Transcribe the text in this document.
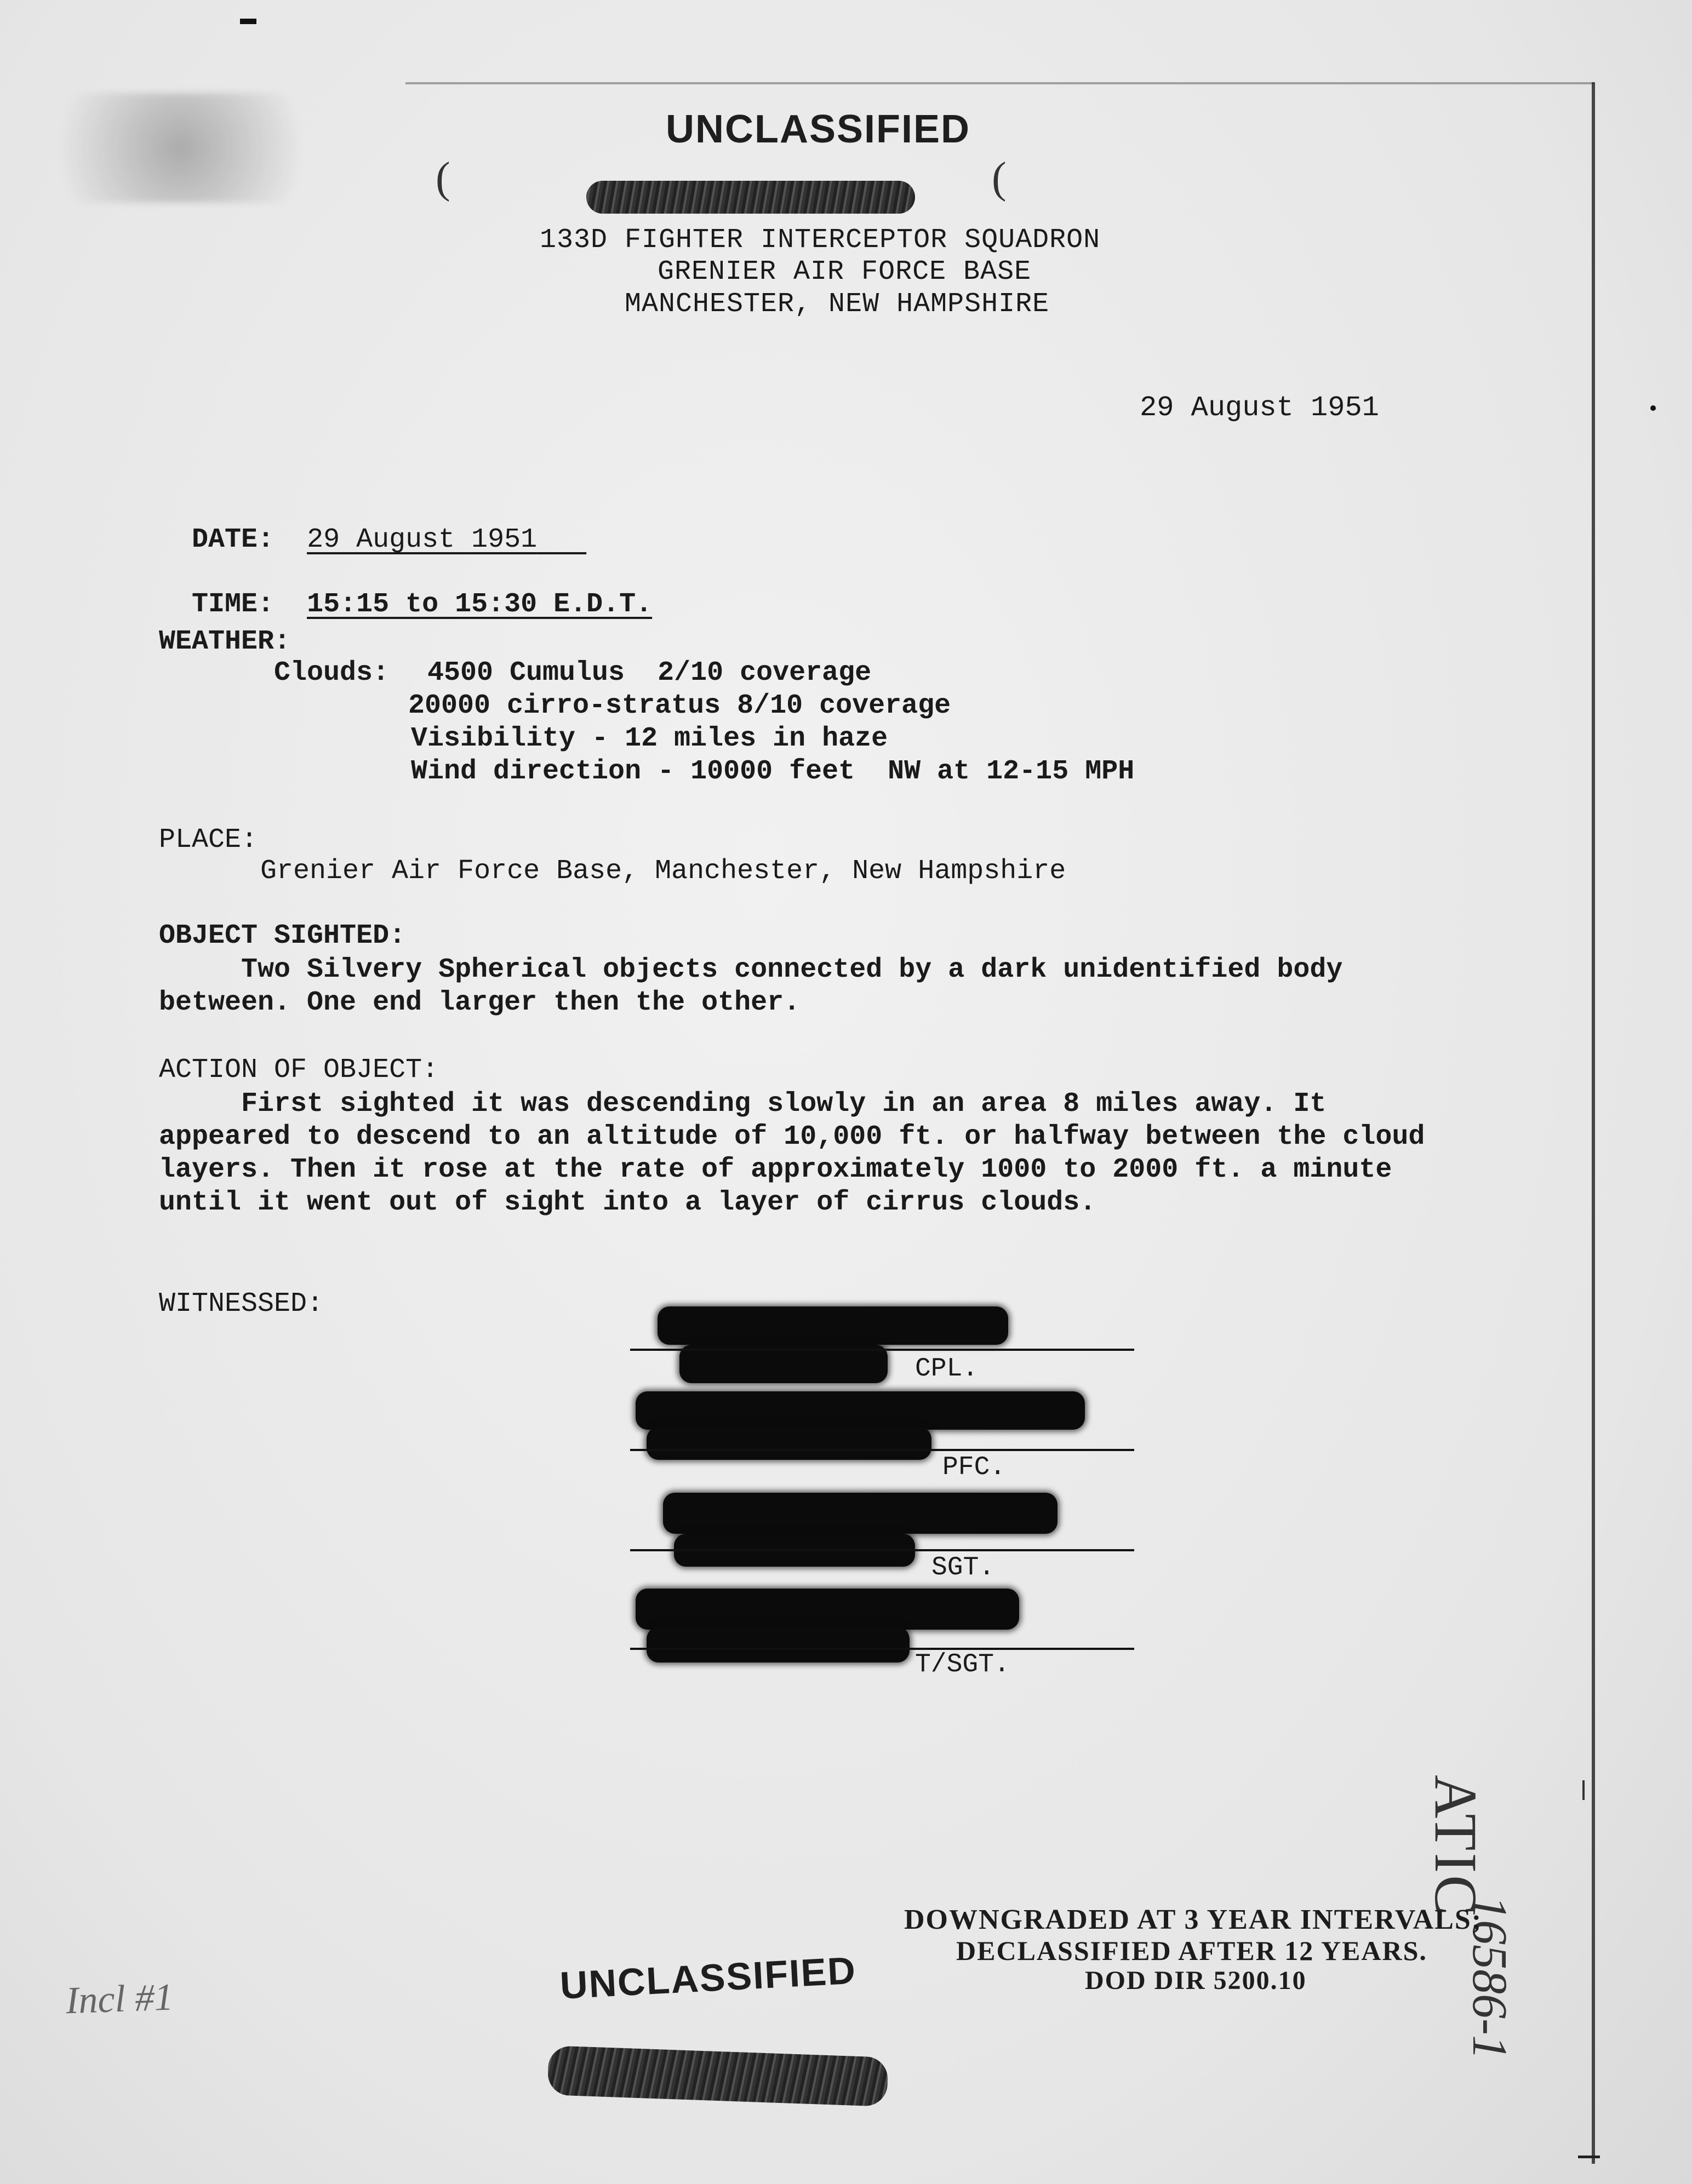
UNCLASSIFIED
(	(
133D FIGHTER INTERCEPTOR SQUADRON
GRENIER AIR FORCE BASE
MANCHESTER, NEW HAMPSHIRE
29 August 1951

DATE: 29 August 1951

TIME: 15:15 to 15:30 E.D.T.

WEATHER:
Clouds: 4500 Cumulus  2/10 coverage
20000 cirro-stratus 8/10 coverage
Visibility - 12 miles in haze
Wind direction - 10000 feet  NW at 12-15 MPH
PLACE:
Grenier Air Force Base, Manchester, New Hampshire
OBJECT SIGHTED:
Two Silvery Spherical objects connected by a dark unidentified body
between. One end larger then the other.
ACTION OF OBJECT:
First sighted it was descending slowly in an area 8 miles away. It
appeared to descend to an altitude of 10,000 ft. or halfway between the cloud
layers. Then it rose at the rate of approximately 1000 to 2000 ft. a minute
until it went out of sight into a layer of cirrus clouds.
WITNESSED:
CPL.
PFC.
SGT.
T/SGT.
ATIC
16586-1
DOWNGRADED AT 3 YEAR INTERVALS;
DECLASSIFIED AFTER 12 YEARS.
DOD DIR 5200.10
Incl #1	UNCLASSIFIED
